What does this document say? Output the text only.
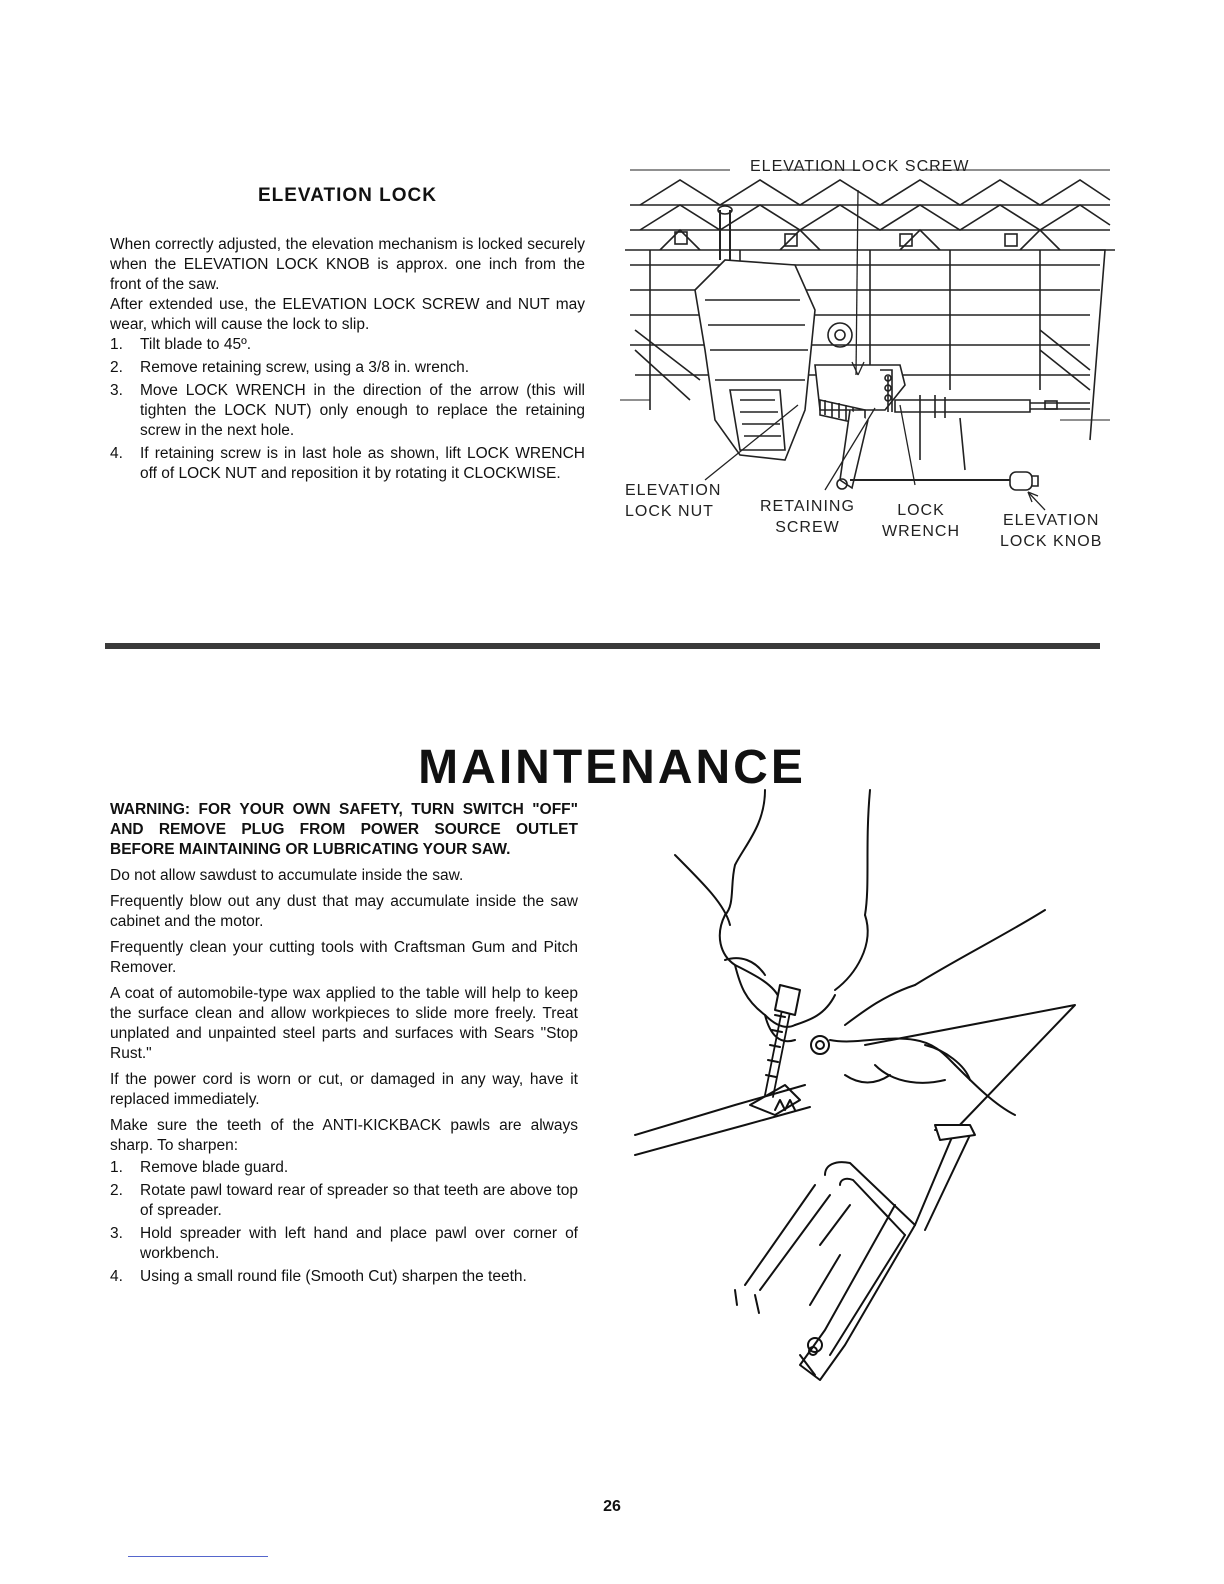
ELEVATION LOCK

When correctly adjusted, the elevation mechanism is locked securely when the ELEVATION LOCK KNOB is approx. one inch from the front of the saw.

After extended use, the ELEVATION LOCK SCREW and NUT may wear, which will cause the lock to slip.

1.	Tilt blade to 45º.
2.	Remove retaining screw, using a 3/8 in. wrench.
3.	Move LOCK WRENCH in the direction of the arrow (this will tighten the LOCK NUT) only enough to replace the retaining screw in the next hole.
4.	If retaining screw is in last hole as shown, lift LOCK WRENCH off of LOCK NUT and reposition it by rotating it CLOCKWISE.
ELEVATION LOCK SCREW
ELEVATION
LOCK NUT	RETAINING
SCREW
LOCK
WRENCH
ELEVATION
LOCK KNOB
MAINTENANCE

WARNING: FOR YOUR OWN SAFETY, TURN SWITCH "OFF" AND REMOVE PLUG FROM POWER SOURCE OUTLET BEFORE MAINTAINING OR LUBRICATING YOUR SAW.

Do not allow sawdust to accumulate inside the saw.

Frequently blow out any dust that may accumulate inside the saw cabinet and the motor.

Frequently clean your cutting tools with Craftsman Gum and Pitch Remover.

A coat of automobile-type wax applied to the table will help to keep the surface clean and allow workpieces to slide more freely. Treat unplated and unpainted steel parts and surfaces with Sears "Stop Rust."

If the power cord is worn or cut, or damaged in any way, have it replaced immediately.

Make sure the teeth of the ANTI-KICKBACK pawls are always sharp. To sharpen:

1.	Remove blade guard.
2.	Rotate pawl toward rear of spreader so that teeth are above top of spreader.
3.	Hold spreader with left hand and place pawl over corner of workbench.
4.	Using a small round file (Smooth Cut) sharpen the teeth.
26
